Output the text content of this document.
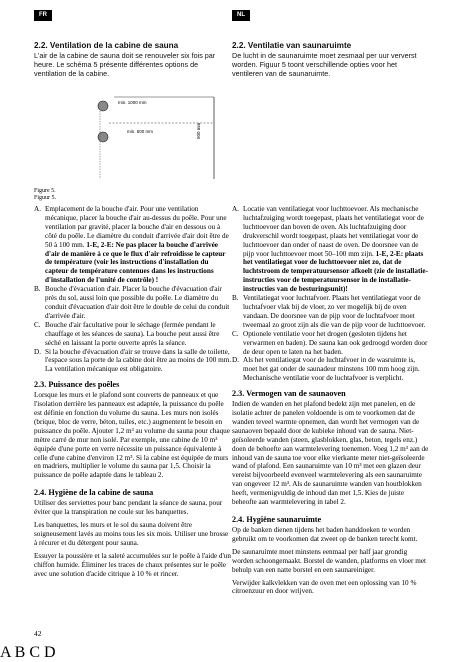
FR	NL
2.2. Ventilation de la cabine de sauna

L'air de la cabine de sauna doit se renouveler six fois par heure. Le schéma 5 présente différentes options de ventilation de la cabine.

2.2. Ventilatie van saunaruimte

De lucht in de saunaruimte moet zesmaal per uur ververst worden. Figuur 5 toont verschillende opties voor het ventileren van de saunaruimte.

min. 1000 mm
min. 500 mm	500 mm
A B C D
Figure 5.
Figuur 5.
A. Emplacement de la bouche d'air. Pour une ventilation mécanique, placer la bouche d'air au-dessus du poêle. Pour une ventilation par gravité, placer la bouche d'air en dessous ou à côté du poêle. Le diamètre du conduit d'arrivée d'air doit être de 50 à 100 mm. 1-E, 2-E: Ne pas placer la bouche d'arrivée d'air de manière à ce que le flux d'air refroidisse le capteur de température (voir les instructions d'installation du capteur de température contenues dans les instructions d'installation de l'unité de contrôle) !
B. Bouche d'évacuation d'air. Placer la bouche d'évacuation d'air près du sol, aussi loin que possible du poêle. Le diamètre du conduit d'évacuation d'air doit être le double de celui du conduit d'arrivée d'air.
C. Bouche d'air facultative pour le séchage (fermée pendant le chauffage et les séances de sauna). La bouche peut aussi être séché en laissant la porte ouverte après la séance.
D. Si la bouche d'évacuation d'air se trouve dans la salle de toilette, l'espace sous la porte de la cabine doit être au moins de 100 mm. La ventilation mécanique est obligatoire.
2.3. Puissance des poêles

Lorsque les murs et le plafond sont couverts de panneaux et que l'isolation derrière les panneaux est adaptée, la puissance du poêle est définie en fonction du volume du sauna. Les murs non isolés (brique, bloc de verre, béton, tuiles, etc.) augmentent le besoin en puissance du poêle. Ajouter 1,2 m³ au volume du sauna pour chaque mètre carré de mur non isolé. Par exemple, une cabine de 10 m³ équipée d'une porte en verre nécessite un puissance équivalente à celle d'une cabine d'environ 12 m³. Si la cabine est équipée de murs en madriers, multiplier le volume du sauna par 1,5. Choisir la puissance de poêle adaptée dans le tableau 2.

2.4. Hygiène de la cabine de sauna

Utiliser des serviettes pour banc pendant la séance de sauna, pour éviter que la transpiration ne coule sur les banquettes.

Les banquettes, les murs et le sol du sauna doivent être soigneusement lavés au moins tous les six mois. Utiliser une brosse à récurer et du détergent pour sauna.

Essuyer la poussière et la saleté accumulées sur le poêle à l'aide d'un chiffon humide. Éliminer les traces de chaux présentes sur le poêle avec une solution d'acide citrique à 10 % et rincer.

A. Locatie van ventilatiegat voor luchttoevoer. Als mechanische luchtafzuiging wordt toegepast, plaats het ventilatiegat voor de luchttoevoer dan boven de oven. Als luchtafzuiging door drukverschil wordt toegepast, plaats het ventilatiegat voor de luchttoevoer dan onder of naast de oven. De doorsnee van de pijp voor luchttoevoer moet 50–100 mm zijn. 1-E, 2-E: plaats het ventilatiegat voor de luchttoevoer niet zo, dat de luchtstroom de temperatuursensor afkoelt (zie de installatie-instructies voor de temperatuursensor in de installatie-instructies van de besturingsunit)!
B. Ventilatiegat voor luchtafvoer. Plaats het ventilatiegat voor de luchtafvoer vlak bij de vloer, zo ver mogelijk bij de oven vandaan. De doorsnee van de pijp voor de luchtafvoer moet tweemaal zo groot zijn als die van de pijp voor de luchttoevoer.
C. Optionele ventilatie voor het drogen (gesloten tijdens het verwarmen en baden). De sauna kan ook gedroogd worden door de deur open te laten na het baden.
D. Als het ventilatiegat voor de luchtafvoer in de wasruimte is, moet het gat onder de saunadeur minstens 100 mm hoog zijn. Mechanische ventilatie voor de luchtafvoer is verplicht.
2.3. Vermogen van de saunaoven

Indien de wanden en het plafond bedekt zijn met panelen, en de isolatie achter de panelen voldoende is om te voorkomen dat de wanden teveel warmte opnemen, dan wordt het vermogen van de saunaoven bepaald door de kubieke inhoud van de sauna. Niet-geïsoleerde wanden (steen, glasblokken, glas, beton, tegels enz.) doen de behoefte aan warmtelevering toenemen. Voeg 1,2 m³ aan de inhoud van de sauna toe voor elke vierkante meter niet-geïsoleerde wand of plafond. Een saunaruimte van 10 m³ met een glazen deur vereist bijvoorbeeld evenveel warmtelevering als een saunaruimte van ongeveer 12 m³. Als de saunaruimte wanden van houtblokken heeft, vermenigvuldig de inhoud dan met 1,5. Kies de juiste beheofte aan warmtelevering in tabel 2.

2.4. Hygiëne saunaruimte

Op de banken dienen tijdens het baden handdoeken te worden gebruikt om te voorkomen dat zweet op de banken terecht komt.

De saunaruimte moet minstens eenmaal per half jaar grondig worden schoongemaakt. Borstel de wanden, platforms en vloer met behulp van een natte borstel en een saunareiniger.

Verwijder kalkvlekken van de oven met een oplossing van 10 % citroenzuur en door wrijven.

42
